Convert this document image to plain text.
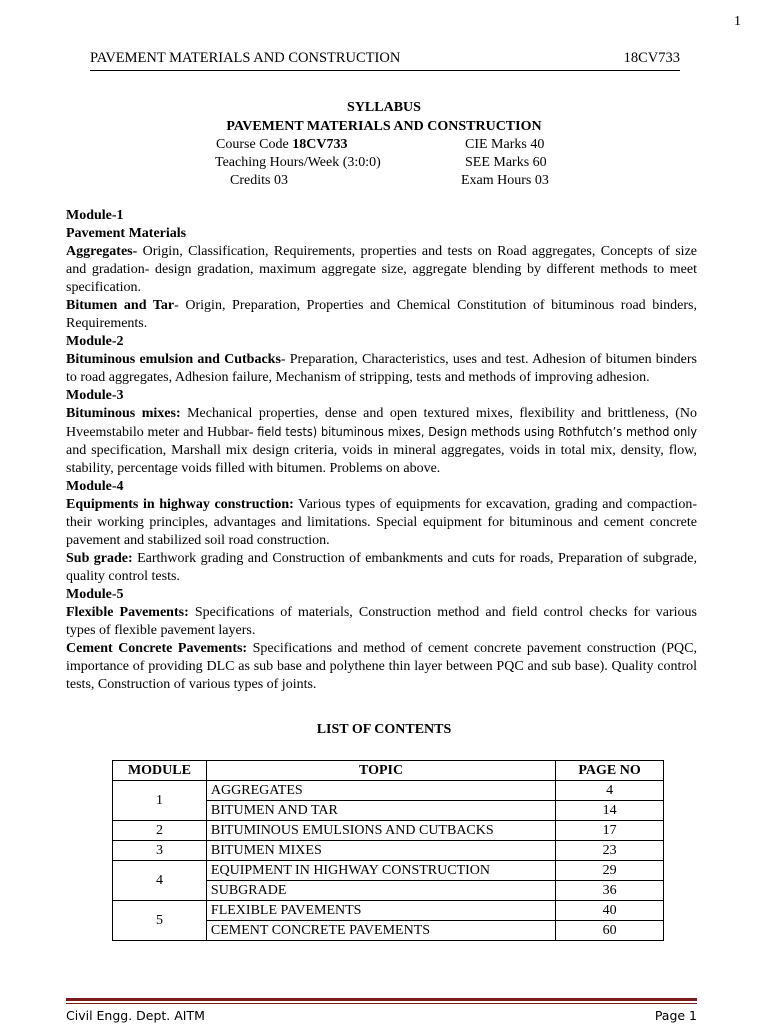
1
PAVEMENT MATERIALS AND CONSTRUCTION	18CV733
SYLLABUS
PAVEMENT MATERIALS AND CONSTRUCTION
Course Code 18CV733	CIE Marks 40
Teaching Hours/Week (3:0:0)	SEE Marks 60
Credits 03	Exam Hours 03

Module-1

Pavement Materials

Aggregates- Origin, Classification, Requirements, properties and tests on Road aggregates, Concepts of size and gradation- design gradation, maximum aggregate size, aggregate blending by different methods to meet specification.

Bitumen and Tar- Origin, Preparation, Properties and Chemical Constitution of bituminous road binders, Requirements.

Module-2

Bituminous emulsion and Cutbacks- Preparation, Characteristics, uses and test. Adhesion of bitumen binders to road aggregates, Adhesion failure, Mechanism of stripping, tests and methods of improving adhesion.

Module-3

Bituminous mixes: Mechanical properties, dense and open textured mixes, flexibility and brittleness, (No Hveemstabilo meter and Hubbar- field tests) bituminous mixes, Design methods using Rothfutch’s method only and specification, Marshall mix design criteria, voids in mineral aggregates, voids in total mix, density, flow, stability, percentage voids filled with bitumen. Problems on above.

Module-4

Equipments in highway construction: Various types of equipments for excavation, grading and compaction- their working principles, advantages and limitations. Special equipment for bituminous and cement concrete pavement and stabilized soil road construction.

Sub grade: Earthwork grading and Construction of embankments and cuts for roads, Preparation of subgrade, quality control tests.

Module-5

Flexible Pavements: Specifications of materials, Construction method and field control checks for various types of flexible pavement layers.

Cement Concrete Pavements: Specifications and method of cement concrete pavement construction (PQC, importance of providing DLC as sub base and polythene thin layer between PQC and sub base). Quality control tests, Construction of various types of joints.

LIST OF CONTENTS
MODULE	TOPIC	PAGE NO
1	AGGREGATES	4
	BITUMEN AND TAR	14
2	BITUMINOUS EMULSIONS AND CUTBACKS	17
3	BITUMEN MIXES	23
4	EQUIPMENT IN HIGHWAY CONSTRUCTION	29
	SUBGRADE	36
5	FLEXIBLE PAVEMENTS	40
	CEMENT CONCRETE PAVEMENTS	60
Civil Engg. Dept. AITM	Page 1
